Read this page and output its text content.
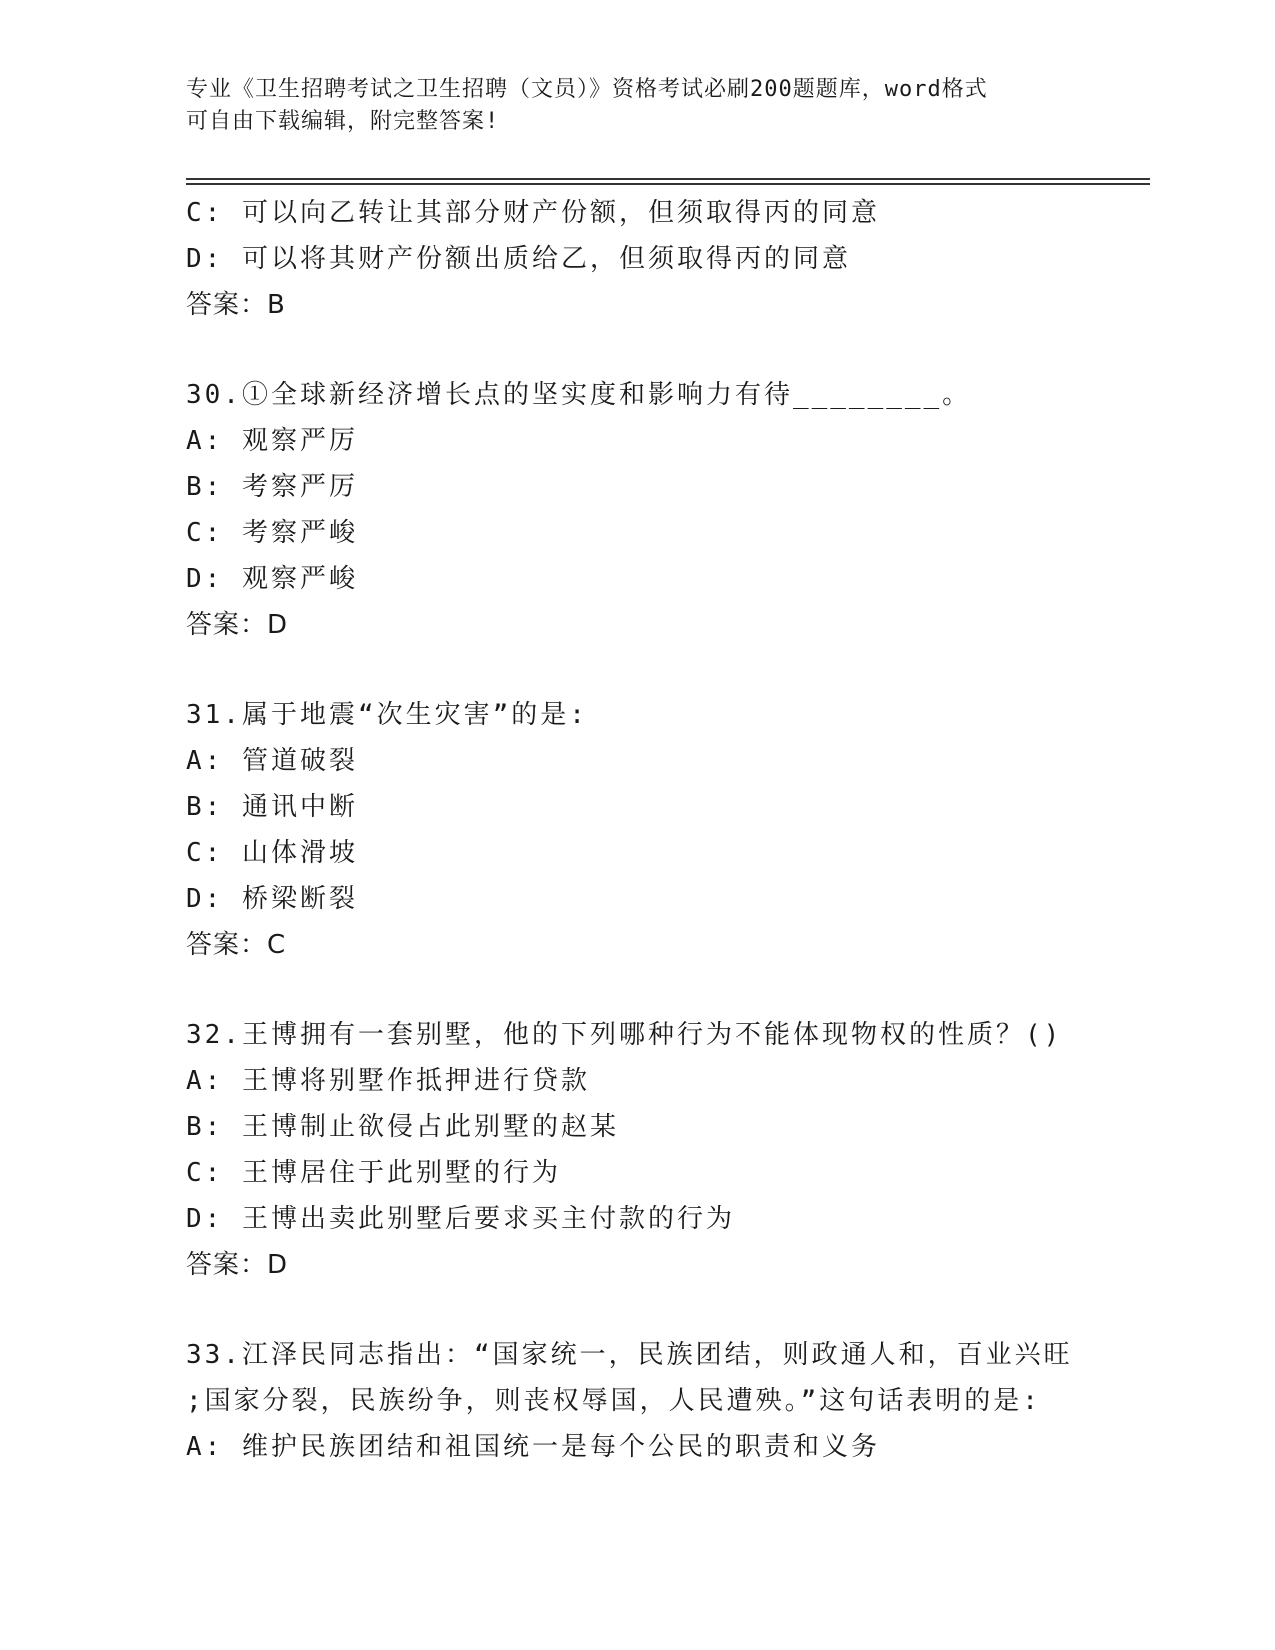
专业《卫生招聘考试之卫生招聘（文员）》资格考试必刷200题题库，word格式
可自由下载编辑，附完整答案!
C: 可以向乙转让其部分财产份额，但须取得丙的同意
D: 可以将其财产份额出质给乙，但须取得丙的同意
答案：B
30.①全球新经济增长点的坚实度和影响力有待________。
A: 观察严厉
B: 考察严厉
C: 考察严峻
D: 观察严峻
答案：D
31.属于地震“次生灾害”的是:
A: 管道破裂
B: 通讯中断
C: 山体滑坡
D: 桥梁断裂
答案：C
32.王博拥有一套别墅，他的下列哪种行为不能体现物权的性质？()
A: 王博将别墅作抵押进行贷款
B: 王博制止欲侵占此别墅的赵某
C: 王博居住于此别墅的行为
D: 王博出卖此别墅后要求买主付款的行为
答案：D
33.江泽民同志指出：“国家统一，民族团结，则政通人和，百业兴旺
;国家分裂，民族纷争，则丧权辱国，人民遭殃。”这句话表明的是:
A: 维护民族团结和祖国统一是每个公民的职责和义务
